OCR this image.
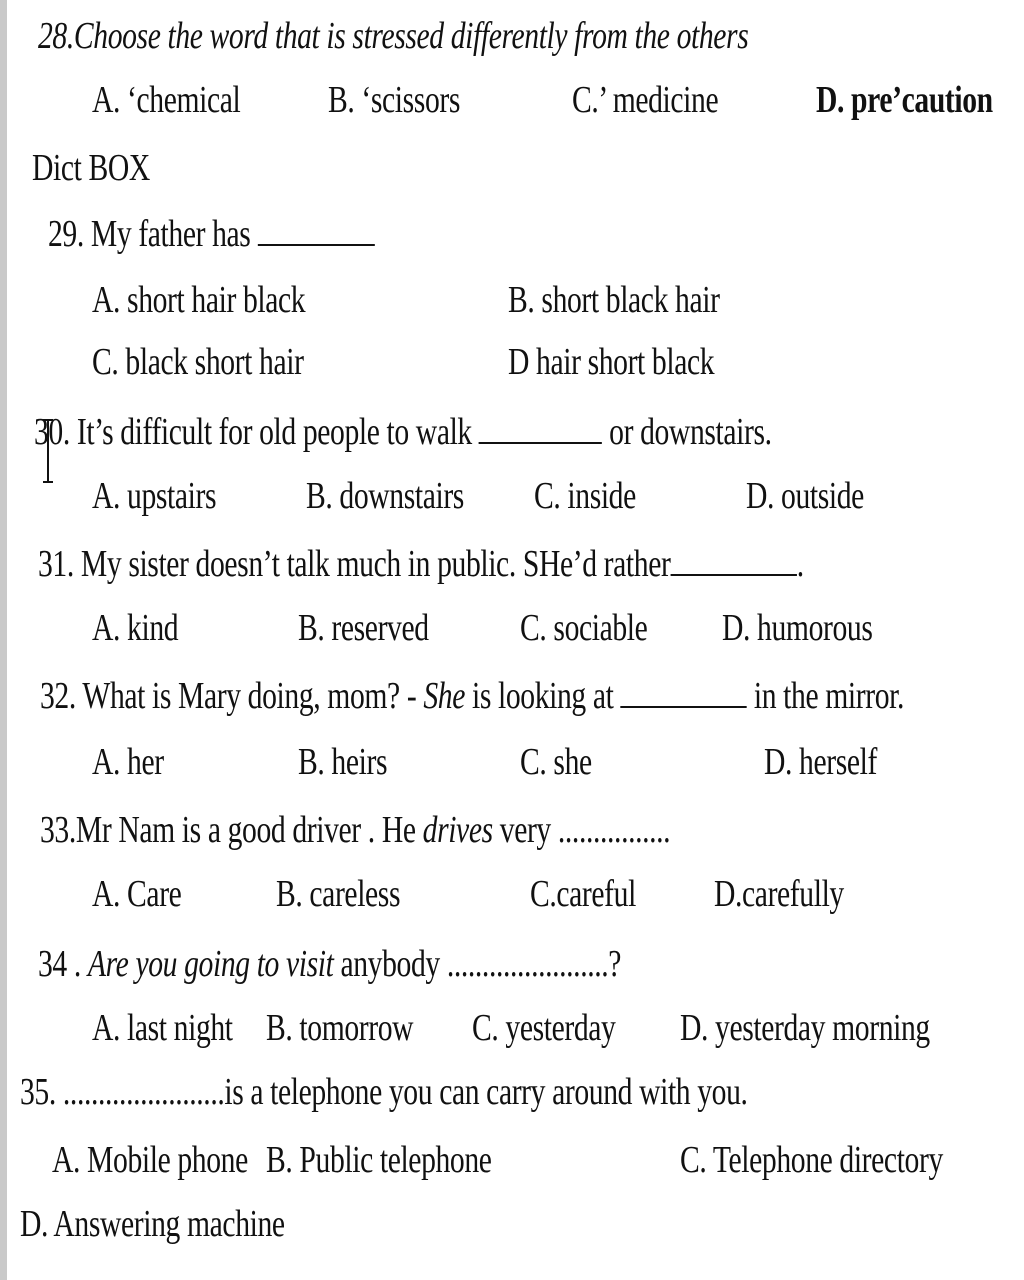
28.Choose the word that is stressed differently from the others
A. ‘chemical B. ‘scissors	C.’ medicine	D. pre’caution
Dict BOX
29. My father has
A. short hair black	B. short black hair
C. black short hair	D hair short black
30. It’s difficult for old people to walk	or downstairs.
A. upstairs B. downstairs C. inside	D. outside
31. My sister doesn’t talk much in public. SHe’d rather	.
A. kind	B. reserved C. sociable D. humorous
32. What is Mary doing, mom? - She is looking at	in the mirror.
A. her	B. heirs	C. she	D. herself
33.Mr Nam is a good driver . He drives very ................
A. Care B. careless	C.careful D.carefully
34 . Are you going to visit anybody .......................?
A. last night B. tomorrow C. yesterday D. yesterday morning
35. .......................is a telephone you can carry around with you.
A. Mobile phone B. Public telephone	C. Telephone directory
D. Answering machine
